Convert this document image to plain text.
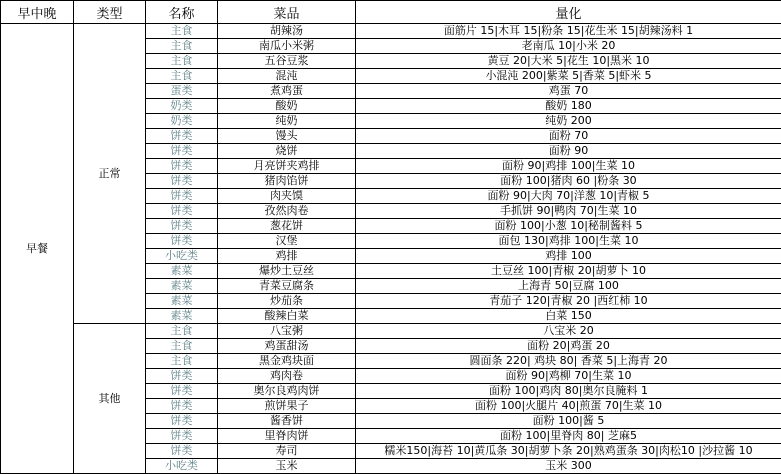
早中晚	类型	名称	菜品	量化
早餐	正常	主食	胡辣汤	面筋片 15|木耳 15|粉条 15|花生米 15|胡辣汤料 1
		主食	南瓜小米粥	老南瓜 10|小米 20
		主食	五谷豆浆	黄豆 20|大米 5|花生 10|黑米 10
		主食	混沌	小混沌 200|紫菜 5|香菜 5|虾米 5
		蛋类	煮鸡蛋	鸡蛋 70
		奶类	酸奶	酸奶 180
		奶类	纯奶	纯奶 200
		饼类	馒头	面粉 70
		饼类	烧饼	面粉 90
		饼类	月亮饼夹鸡排	面粉 90|鸡排 100|生菜 10
		饼类	猪肉馅饼	面粉 100|猪肉 60 |粉条 30
		饼类	肉夹馍	面粉 90|大肉 70|洋葱 10|青椒 5
		饼类	孜然肉卷	手抓饼 90|鸭肉 70|生菜 10
		饼类	葱花饼	面粉 100|小葱 10|秘制酱料 5
		饼类	汉堡	面包 130|鸡排 100|生菜 10
		小吃类	鸡排	鸡排 100
		素菜	爆炒土豆丝	土豆丝 100|青椒 20|胡萝卜 10
		素菜	青菜豆腐条	上海青 50|豆腐 100
		素菜	炒茄条	青茄子 120|青椒 20 |西红柿 10
		素菜	酸辣白菜	白菜 150
	其他	主食	八宝粥	八宝米 20
		主食	鸡蛋甜汤	面粉 20|鸡蛋 20
		主食	黑金鸡块面	圆面条 220| 鸡块 80| 香菜 5|上海青 20
		饼类	鸡肉卷	面粉 90|鸡柳 70|生菜 10
		饼类	奥尔良鸡肉饼	面粉 100|鸡肉 80|奥尔良腌料 1
		饼类	煎饼果子	面粉 100|火腿片 40|煎蛋 70|生菜 10
		饼类	酱香饼	面粉 100|酱 5
		饼类	里脊肉饼	面粉 100|里脊肉 80| 芝麻5
		饼类	寿司	糯米150|海苔 10|黄瓜条 30|胡萝卜条 20|熟鸡蛋条 30|肉松10 |沙拉酱 10
		小吃类	玉米	玉米 300
